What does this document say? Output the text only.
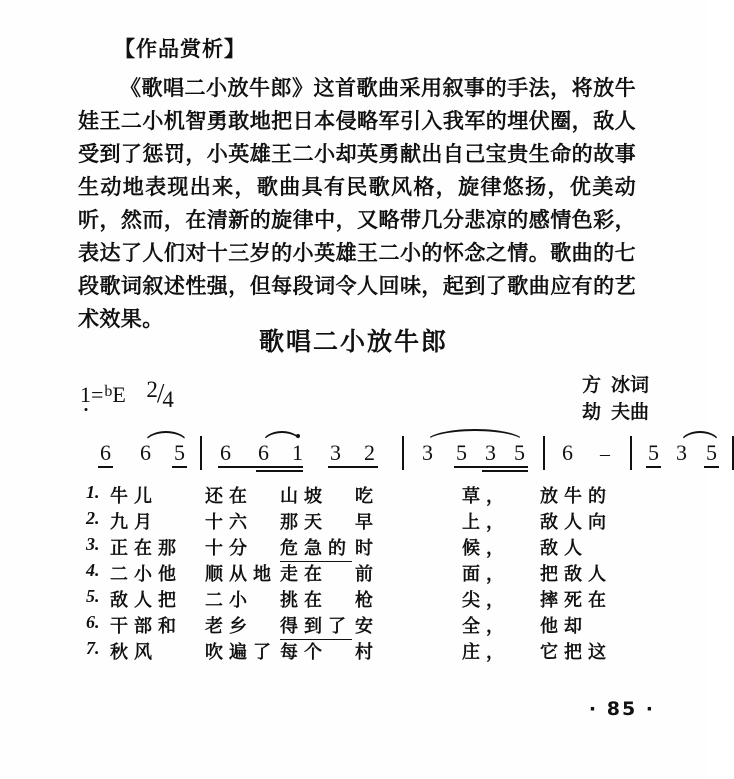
【作品赏析】

《歌唱二小放牛郎》这首歌曲采用叙事的手法，将放牛娃王二小机智勇敢地把日本侵略军引入我军的埋伏圈，敌人受到了惩罚，小英雄王二小却英勇献出自己宝贵生命的故事生动地表现出来，歌曲具有民歌风格，旋律悠扬，优美动听，然而，在清新的旋律中，又略带几分悲凉的感情色彩，表达了人们对十三岁的小英雄王二小的怀念之情。歌曲的七段歌词叙述性强，但每段词令人回味，起到了歌曲应有的艺术效果。

歌唱二小放牛郎
1=$^b$E 2/4
方冰词
劫夫曲
6 6 5 6 6 1 3 2 3 5 3 5 6 – 5 3 5
1. 牛儿	还在 山坡 吃	草， 放牛的
2. 九月	十六 那天 早	上， 敌人向
3. 正在那 十分 危急的 时	候， 敌人
4. 二小他 顺从地 走在 前	面， 把敌人
5. 敌人把 二小 挑在 枪	尖， 摔死在
6. 干部和 老乡 得到了 安	全， 他却
7. 秋风	吹遍了 每个 村	庄， 它把这
· 85 ·
